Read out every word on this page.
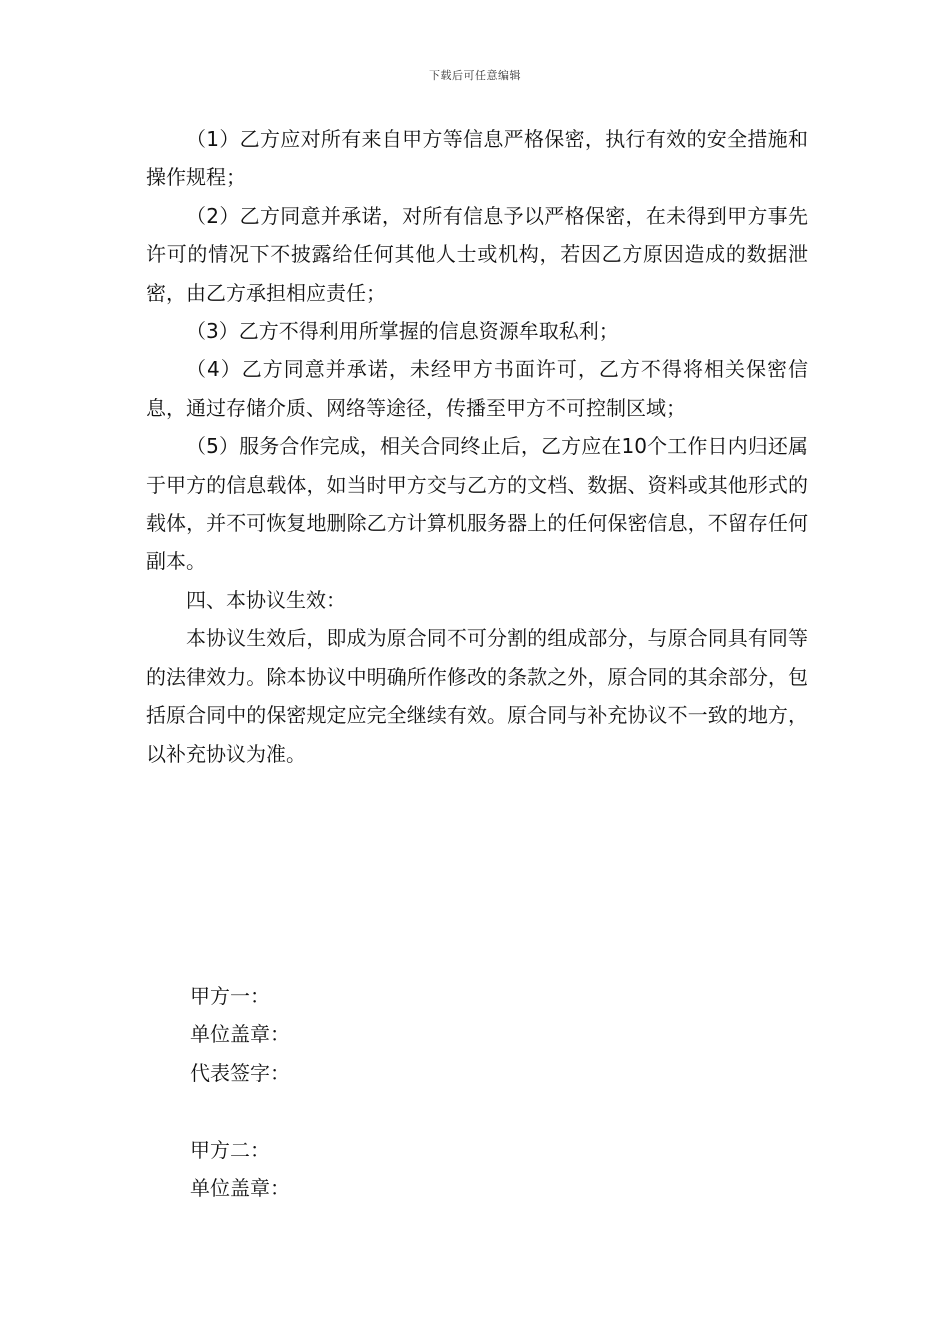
下载后可任意编辑

（1）乙方应对所有来自甲方等信息严格保密，执行有效的安全措施和操作规程；

（2）乙方同意并承诺，对所有信息予以严格保密，在未得到甲方事先许可的情况下不披露给任何其他人士或机构，若因乙方原因造成的数据泄密，由乙方承担相应责任；

（3）乙方不得利用所掌握的信息资源牟取私利；

（4）乙方同意并承诺，未经甲方书面许可，乙方不得将相关保密信息，通过存储介质、网络等途径，传播至甲方不可控制区域；

（5）服务合作完成，相关合同终止后，乙方应在10个工作日内归还属于甲方的信息载体，如当时甲方交与乙方的文档、数据、资料或其他形式的载体，并不可恢复地删除乙方计算机服务器上的任何保密信息，不留存任何副本。

四、本协议生效：

本协议生效后，即成为原合同不可分割的组成部分，与原合同具有同等的法律效力。除本协议中明确所作修改的条款之外，原合同的其余部分，包括原合同中的保密规定应完全继续有效。原合同与补充协议不一致的地方，以补充协议为准。

甲方一：
单位盖章：
代表签字：
甲方二：
单位盖章：
